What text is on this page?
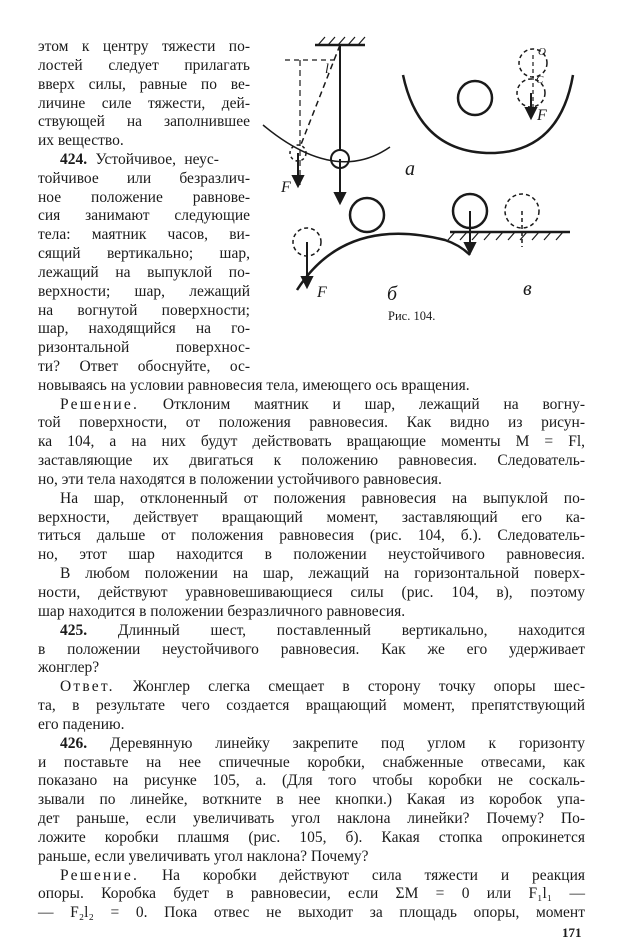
этом к центру тяжести по-
лостей следует прилагать
вверх силы, равные по ве-
личине силе тяжести, дей-
ствующей на заполнившее
их вещество.
424. Устойчивое, неус-
тойчивое или безразлич-
ное положение равнове-
сия занимают следующие
тела: маятник часов, ви-
сящий вертикально; шар,
лежащий на выпуклой по-
верхности; шар, лежащий
на вогнутой поверхности;
шар, находящийся на го-
ризонтальной поверхнос-
ти? Ответ обоснуйте, ос-
l
F
а
O
C
F
F	б	в
Рис. 104.
новываясь на условии равновесия тела, имеющего ось вращения.
Решение. Отклоним маятник и шар, лежащий на вогну-
той поверхности, от положения равновесия. Как видно из рисун-
ка 104, а на них будут действовать вращающие моменты M = Fl,
заставляющие их двигаться к положению равновесия. Следователь-
но, эти тела находятся в положении устойчивого равновесия.
На шар, отклоненный от положения равновесия на выпуклой по-
верхности, действует вращающий момент, заставляющий его ка-
титься дальше от положения равновесия (рис. 104, б.). Следователь-
но, этот шар находится в положении неустойчивого равновесия.
В любом положении на шар, лежащий на горизонтальной поверх-
ности, действуют уравновешивающиеся силы (рис. 104, в), поэтому
шар находится в положении безразличного равновесия.
425. Длинный шест, поставленный вертикально, находится
в положении неустойчивого равновесия. Как же его удерживает
жонглер?
Ответ. Жонглер слегка смещает в сторону точку опоры шес-
та, в результате чего создается вращающий момент, препятствующий
его падению.
426. Деревянную линейку закрепите под углом к горизонту
и поставьте на нее спичечные коробки, снабженные отвесами, как
показано на рисунке 105, а. (Для того чтобы коробки не соскаль-
зывали по линейке, воткните в нее кнопки.) Какая из коробок упа-
дет раньше, если увеличивать угол наклона линейки? Почему? По-
ложите коробки плашмя (рис. 105, б). Какая стопка опрокинется
раньше, если увеличивать угол наклона? Почему?
Решение. На коробки действуют сила тяжести и реакция
опоры. Коробка будет в равновесии, если ΣM = 0 или F₁l₁ —
— F₂l₂ = 0. Пока отвес не выходит за площадь опоры, момент
171
